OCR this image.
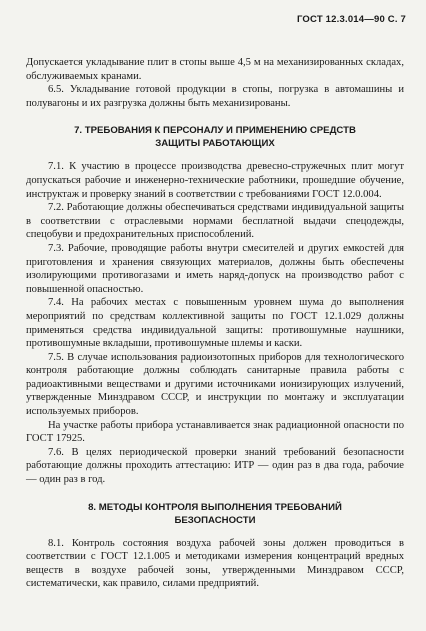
ГОСТ 12.3.014—90 С. 7

Допускается укладывание плит в стопы выше 4,5 м на механизированных складах, обслуживаемых кранами.

6.5. Укладывание готовой продукции в стопы, погрузка в автомашины и полувагоны и их разгрузка должны быть механизированы.

7. ТРЕБОВАНИЯ К ПЕРСОНАЛУ И ПРИМЕНЕНИЮ СРЕДСТВ
ЗАЩИТЫ РАБОТАЮЩИХ

7.1. К участию в процессе производства древесно-стружечных плит могут допускаться рабочие и инженерно-технические работники, прошедшие обучение, инструктаж и проверку знаний в соответствии с требованиями ГОСТ 12.0.004.

7.2. Работающие должны обеспечиваться средствами индивидуальной защиты в соответствии с отраслевыми нормами бесплатной выдачи спецодежды, спецобуви и предохранительных приспособлений.

7.3. Рабочие, проводящие работы внутри смесителей и других емкостей для приготовления и хранения связующих материалов, должны быть обеспечены изолирующими противогазами и иметь наряд-допуск на производство работ с повышенной опасностью.

7.4. На рабочих местах с повышенным уровнем шума до выполнения мероприятий по средствам коллективной защиты по ГОСТ 12.1.029 должны применяться средства индивидуальной защиты: противошумные наушники, противошумные вкладыши, противошумные шлемы и каски.

7.5. В случае использования радиоизотопных приборов для технологического контроля работающие должны соблюдать санитарные правила работы с радиоактивными веществами и другими источниками ионизирующих излучений, утвержденные Минздравом СССР, и инструкции по монтажу и эксплуатации используемых приборов.

На участке работы прибора устанавливается знак радиационной опасности по ГОСТ 17925.

7.6. В целях периодической проверки знаний требований безопасности работающие должны проходить аттестацию: ИТР — один раз в два года, рабочие — один раз в год.

8. МЕТОДЫ КОНТРОЛЯ ВЫПОЛНЕНИЯ ТРЕБОВАНИЙ
БЕЗОПАСНОСТИ

8.1. Контроль состояния воздуха рабочей зоны должен проводиться в соответствии с ГОСТ 12.1.005 и методиками измерения концентраций вредных веществ в воздухе рабочей зоны, утвержденными Минздравом СССР, систематически, как правило, силами предприятий.
